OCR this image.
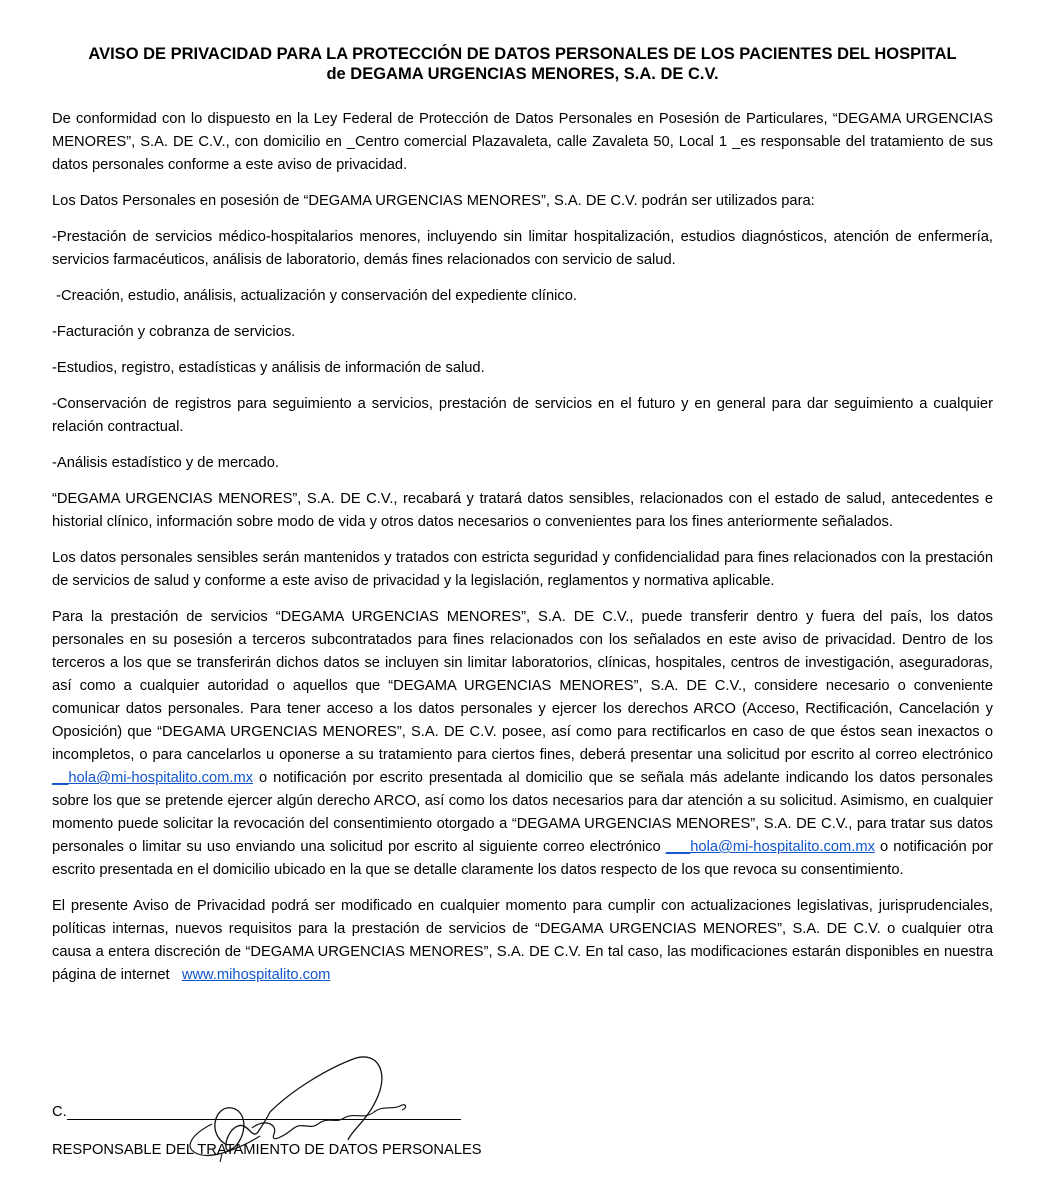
AVISO DE PRIVACIDAD PARA LA PROTECCIÓN DE DATOS PERSONALES DE LOS PACIENTES DEL HOSPITAL
de DEGAMA URGENCIAS MENORES, S.A. DE C.V.

De conformidad con lo dispuesto en la Ley Federal de Protección de Datos Personales en Posesión de Particulares, “DEGAMA URGENCIAS MENORES”, S.A. DE C.V., con domicilio en _Centro comercial Plazavaleta, calle Zavaleta 50, Local 1 _es responsable del tratamiento de sus datos personales conforme a este aviso de privacidad.

Los Datos Personales en posesión de “DEGAMA URGENCIAS MENORES”, S.A. DE C.V. podrán ser utilizados para:

-Prestación de servicios médico-hospitalarios menores, incluyendo sin limitar hospitalización, estudios diagnósticos, atención de enfermería, servicios farmacéuticos, análisis de laboratorio, demás fines relacionados con servicio de salud.

-Creación, estudio, análisis, actualización y conservación del expediente clínico.

-Facturación y cobranza de servicios.

-Estudios, registro, estadísticas y análisis de información de salud.

-Conservación de registros para seguimiento a servicios, prestación de servicios en el futuro y en general para dar seguimiento a cualquier relación contractual.

-Análisis estadístico y de mercado.

“DEGAMA URGENCIAS MENORES”, S.A. DE C.V., recabará y tratará datos sensibles, relacionados con el estado de salud, antecedentes e historial clínico, información sobre modo de vida y otros datos necesarios o convenientes para los fines anteriormente señalados.

Los datos personales sensibles serán mantenidos y tratados con estricta seguridad y confidencialidad para fines relacionados con la prestación de servicios de salud y conforme a este aviso de privacidad y la legislación, reglamentos y normativa aplicable.

Para la prestación de servicios “DEGAMA URGENCIAS MENORES”, S.A. DE C.V., puede transferir dentro y fuera del país, los datos personales en su posesión a terceros subcontratados para fines relacionados con los señalados en este aviso de privacidad. Dentro de los terceros a los que se transferirán dichos datos se incluyen sin limitar laboratorios, clínicas, hospitales, centros de investigación, aseguradoras, así como a cualquier autoridad o aquellos que “DEGAMA URGENCIAS MENORES”, S.A. DE C.V., considere necesario o conveniente comunicar datos personales. Para tener acceso a los datos personales y ejercer los derechos ARCO (Acceso, Rectificación, Cancelación y Oposición) que “DEGAMA URGENCIAS MENORES”, S.A. DE C.V. posee, así como para rectificarlos en caso de que éstos sean inexactos o incompletos, o para cancelarlos u oponerse a su tratamiento para ciertos fines, deberá presentar una solicitud por escrito al correo electrónico __hola@mi-hospitalito.com.mx o notificación por escrito presentada al domicilio que se señala más adelante indicando los datos personales sobre los que se pretende ejercer algún derecho ARCO, así como los datos necesarios para dar atención a su solicitud. Asimismo, en cualquier momento puede solicitar la revocación del consentimiento otorgado a “DEGAMA URGENCIAS MENORES”, S.A. DE C.V., para tratar sus datos personales o limitar su uso enviando una solicitud por escrito al siguiente correo electrónico ___hola@mi-hospitalito.com.mx o notificación por escrito presentada en el domicilio ubicado en la que se detalle claramente los datos respecto de los que revoca su consentimiento.

El presente Aviso de Privacidad podrá ser modificado en cualquier momento para cumplir con actualizaciones legislativas, jurisprudenciales, políticas internas, nuevos requisitos para la prestación de servicios de “DEGAMA URGENCIAS MENORES”, S.A. DE C.V. o cualquier otra causa a entera discreción de “DEGAMA URGENCIAS MENORES”, S.A. DE C.V. En tal caso, las modificaciones estarán disponibles en nuestra página de internet   www.mihospitalito.com

C.
RESPONSABLE DEL TRATAMIENTO DE DATOS PERSONALES
